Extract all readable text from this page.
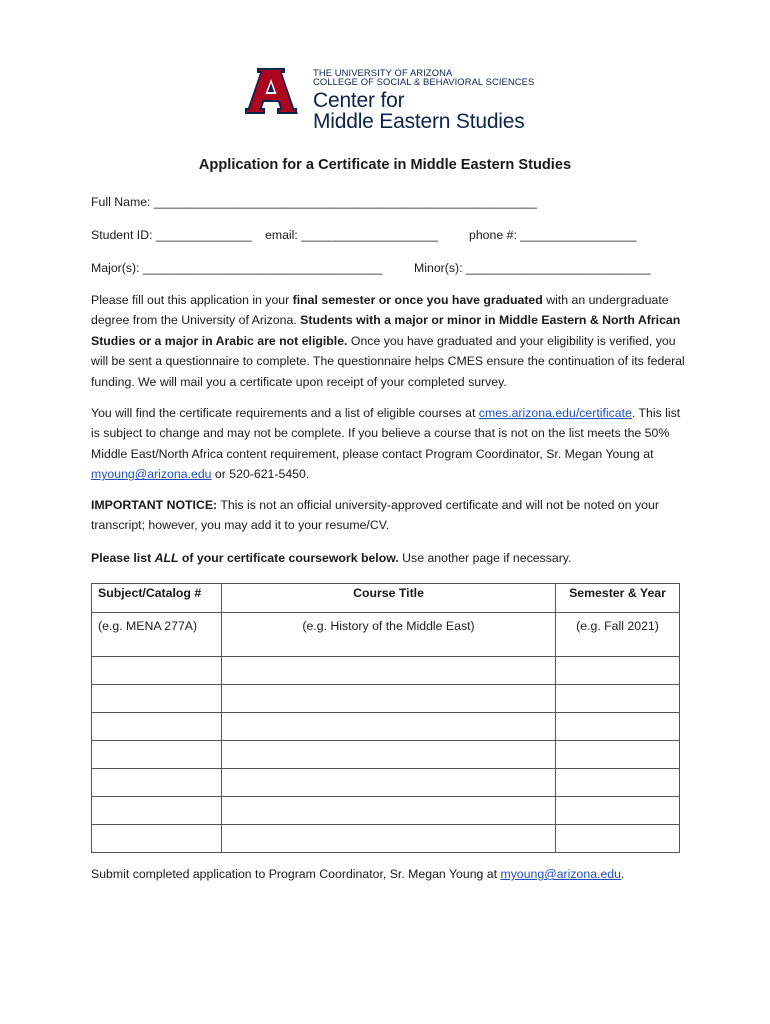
THE UNIVERSITY OF ARIZONA
COLLEGE OF SOCIAL & BEHAVIORAL SCIENCES
Center for
Middle Eastern Studies
Application for a Certificate in Middle Eastern Studies
Full Name: ________________________________________________________
Student ID: ______________ email: ____________________	phone #: _________________
Major(s): ___________________________________	Minor(s): ___________________________
Please fill out this application in your final semester or once you have graduated with an undergraduate degree from the University of Arizona. Students with a major or minor in Middle Eastern & North African Studies or a major in Arabic are not eligible. Once you have graduated and your eligibility is verified, you will be sent a questionnaire to complete. The questionnaire helps CMES ensure the continuation of its federal funding. We will mail you a certificate upon receipt of your completed survey.
You will find the certificate requirements and a list of eligible courses at cmes.arizona.edu/certificate. This list is subject to change and may not be complete. If you believe a course that is not on the list meets the 50% Middle East/North Africa content requirement, please contact Program Coordinator, Sr. Megan Young at myoung@arizona.edu or 520-621-5450.
IMPORTANT NOTICE: This is not an official university-approved certificate and will not be noted on your transcript; however, you may add it to your resume/CV.
Please list ALL of your certificate coursework below. Use another page if necessary.
Subject/Catalog #	Course Title	Semester & Year
(e.g. MENA 277A)	(e.g. History of the Middle East)	(e.g. Fall 2021)

Submit completed application to Program Coordinator, Sr. Megan Young at myoung@arizona.edu.
